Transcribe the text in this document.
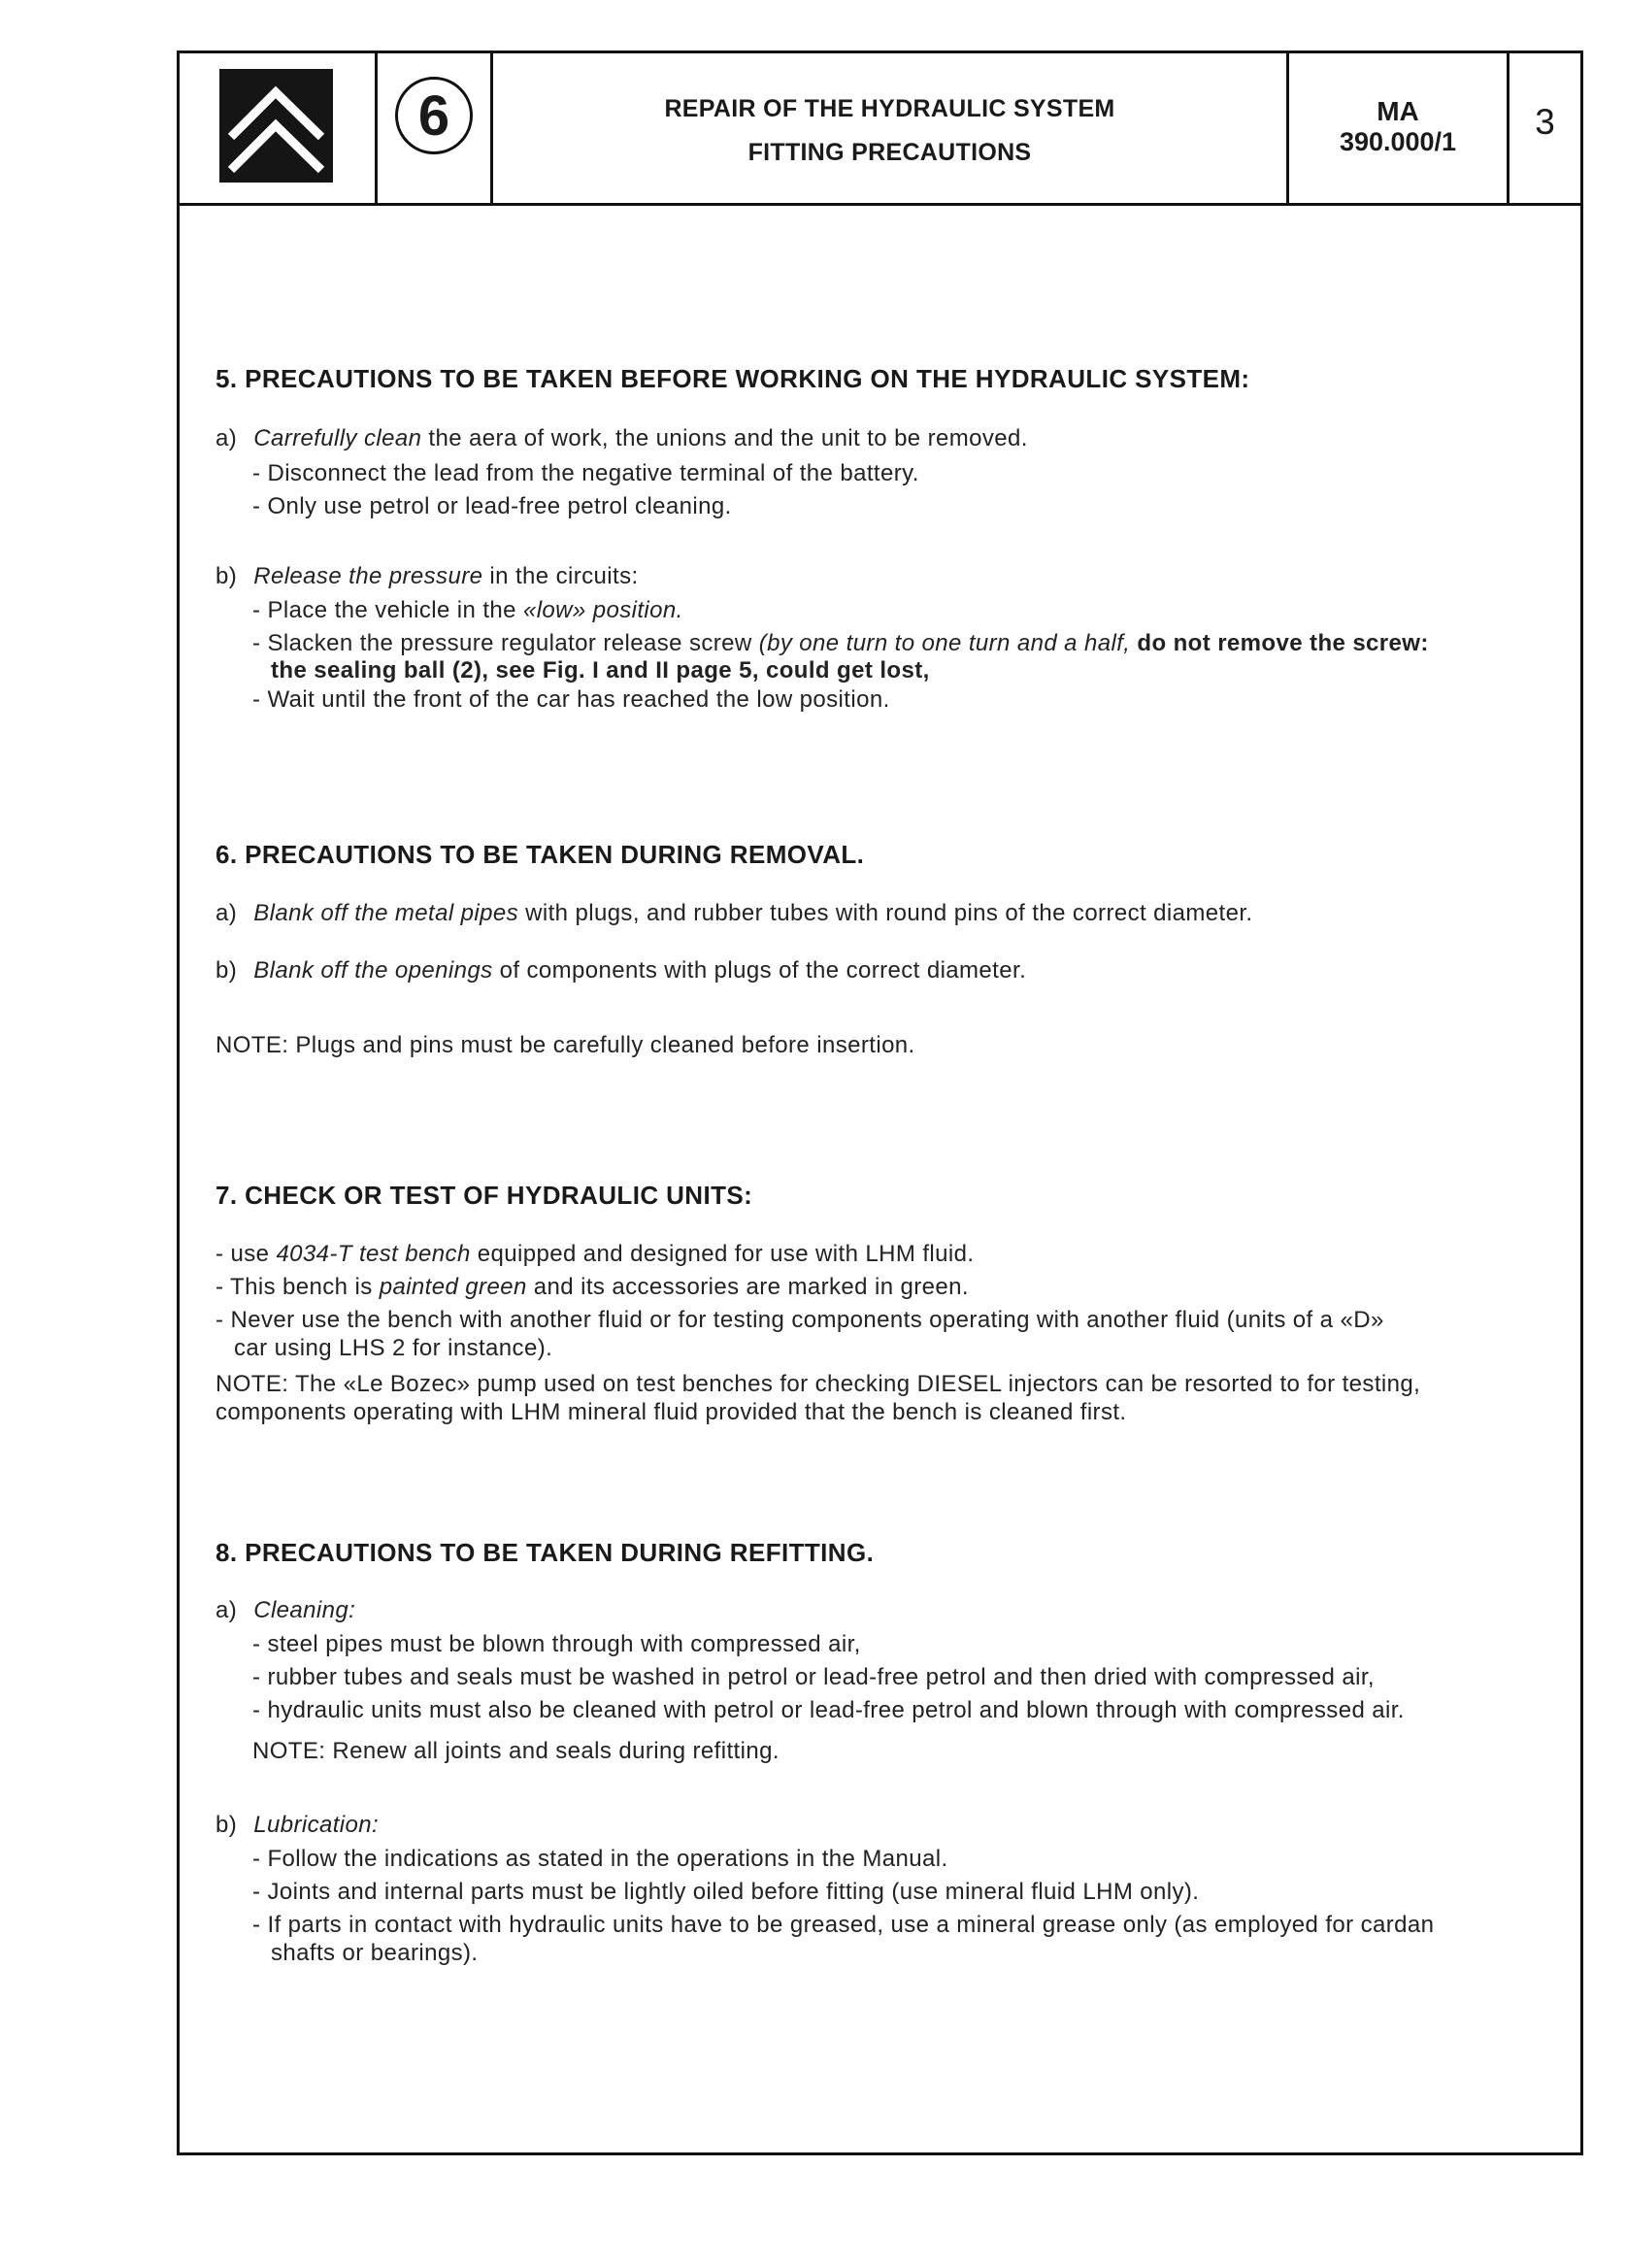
6	REPAIR OF THE HYDRAULIC SYSTEM
FITTING PRECAUTIONS
MA
390.000/1	3
5. PRECAUTIONS TO BE TAKEN BEFORE WORKING ON THE HYDRAULIC SYSTEM:
a) Carrefully clean the aera of work, the unions and the unit to be removed.
- Disconnect the lead from the negative terminal of the battery.
- Only use petrol or lead-free petrol cleaning.
b) Release the pressure in the circuits:
- Place the vehicle in the «low» position.
- Slacken the pressure regulator release screw (by one turn to one turn and a half, do not remove the screw:
the sealing ball (2), see Fig. I and II page 5, could get lost,
- Wait until the front of the car has reached the low position.
6. PRECAUTIONS TO BE TAKEN DURING REMOVAL.
a) Blank off the metal pipes with plugs, and rubber tubes with round pins of the correct diameter.
b) Blank off the openings of components with plugs of the correct diameter.
NOTE: Plugs and pins must be carefully cleaned before insertion.
7. CHECK OR TEST OF HYDRAULIC UNITS:
- use 4034-T test bench equipped and designed for use with LHM fluid.
- This bench is painted green and its accessories are marked in green.
- Never use the bench with another fluid or for testing components operating with another fluid (units of a «D»
car using LHS 2 for instance).
NOTE: The «Le Bozec» pump used on test benches for checking DIESEL injectors can be resorted to for testing,
components operating with LHM mineral fluid provided that the bench is cleaned first.
8. PRECAUTIONS TO BE TAKEN DURING REFITTING.
a) Cleaning:
- steel pipes must be blown through with compressed air,
- rubber tubes and seals must be washed in petrol or lead-free petrol and then dried with compressed air,
- hydraulic units must also be cleaned with petrol or lead-free petrol and blown through with compressed air.
NOTE: Renew all joints and seals during refitting.
b) Lubrication:
- Follow the indications as stated in the operations in the Manual.
- Joints and internal parts must be lightly oiled before fitting (use mineral fluid LHM only).
- If parts in contact with hydraulic units have to be greased, use a mineral grease only (as employed for cardan
shafts or bearings).
